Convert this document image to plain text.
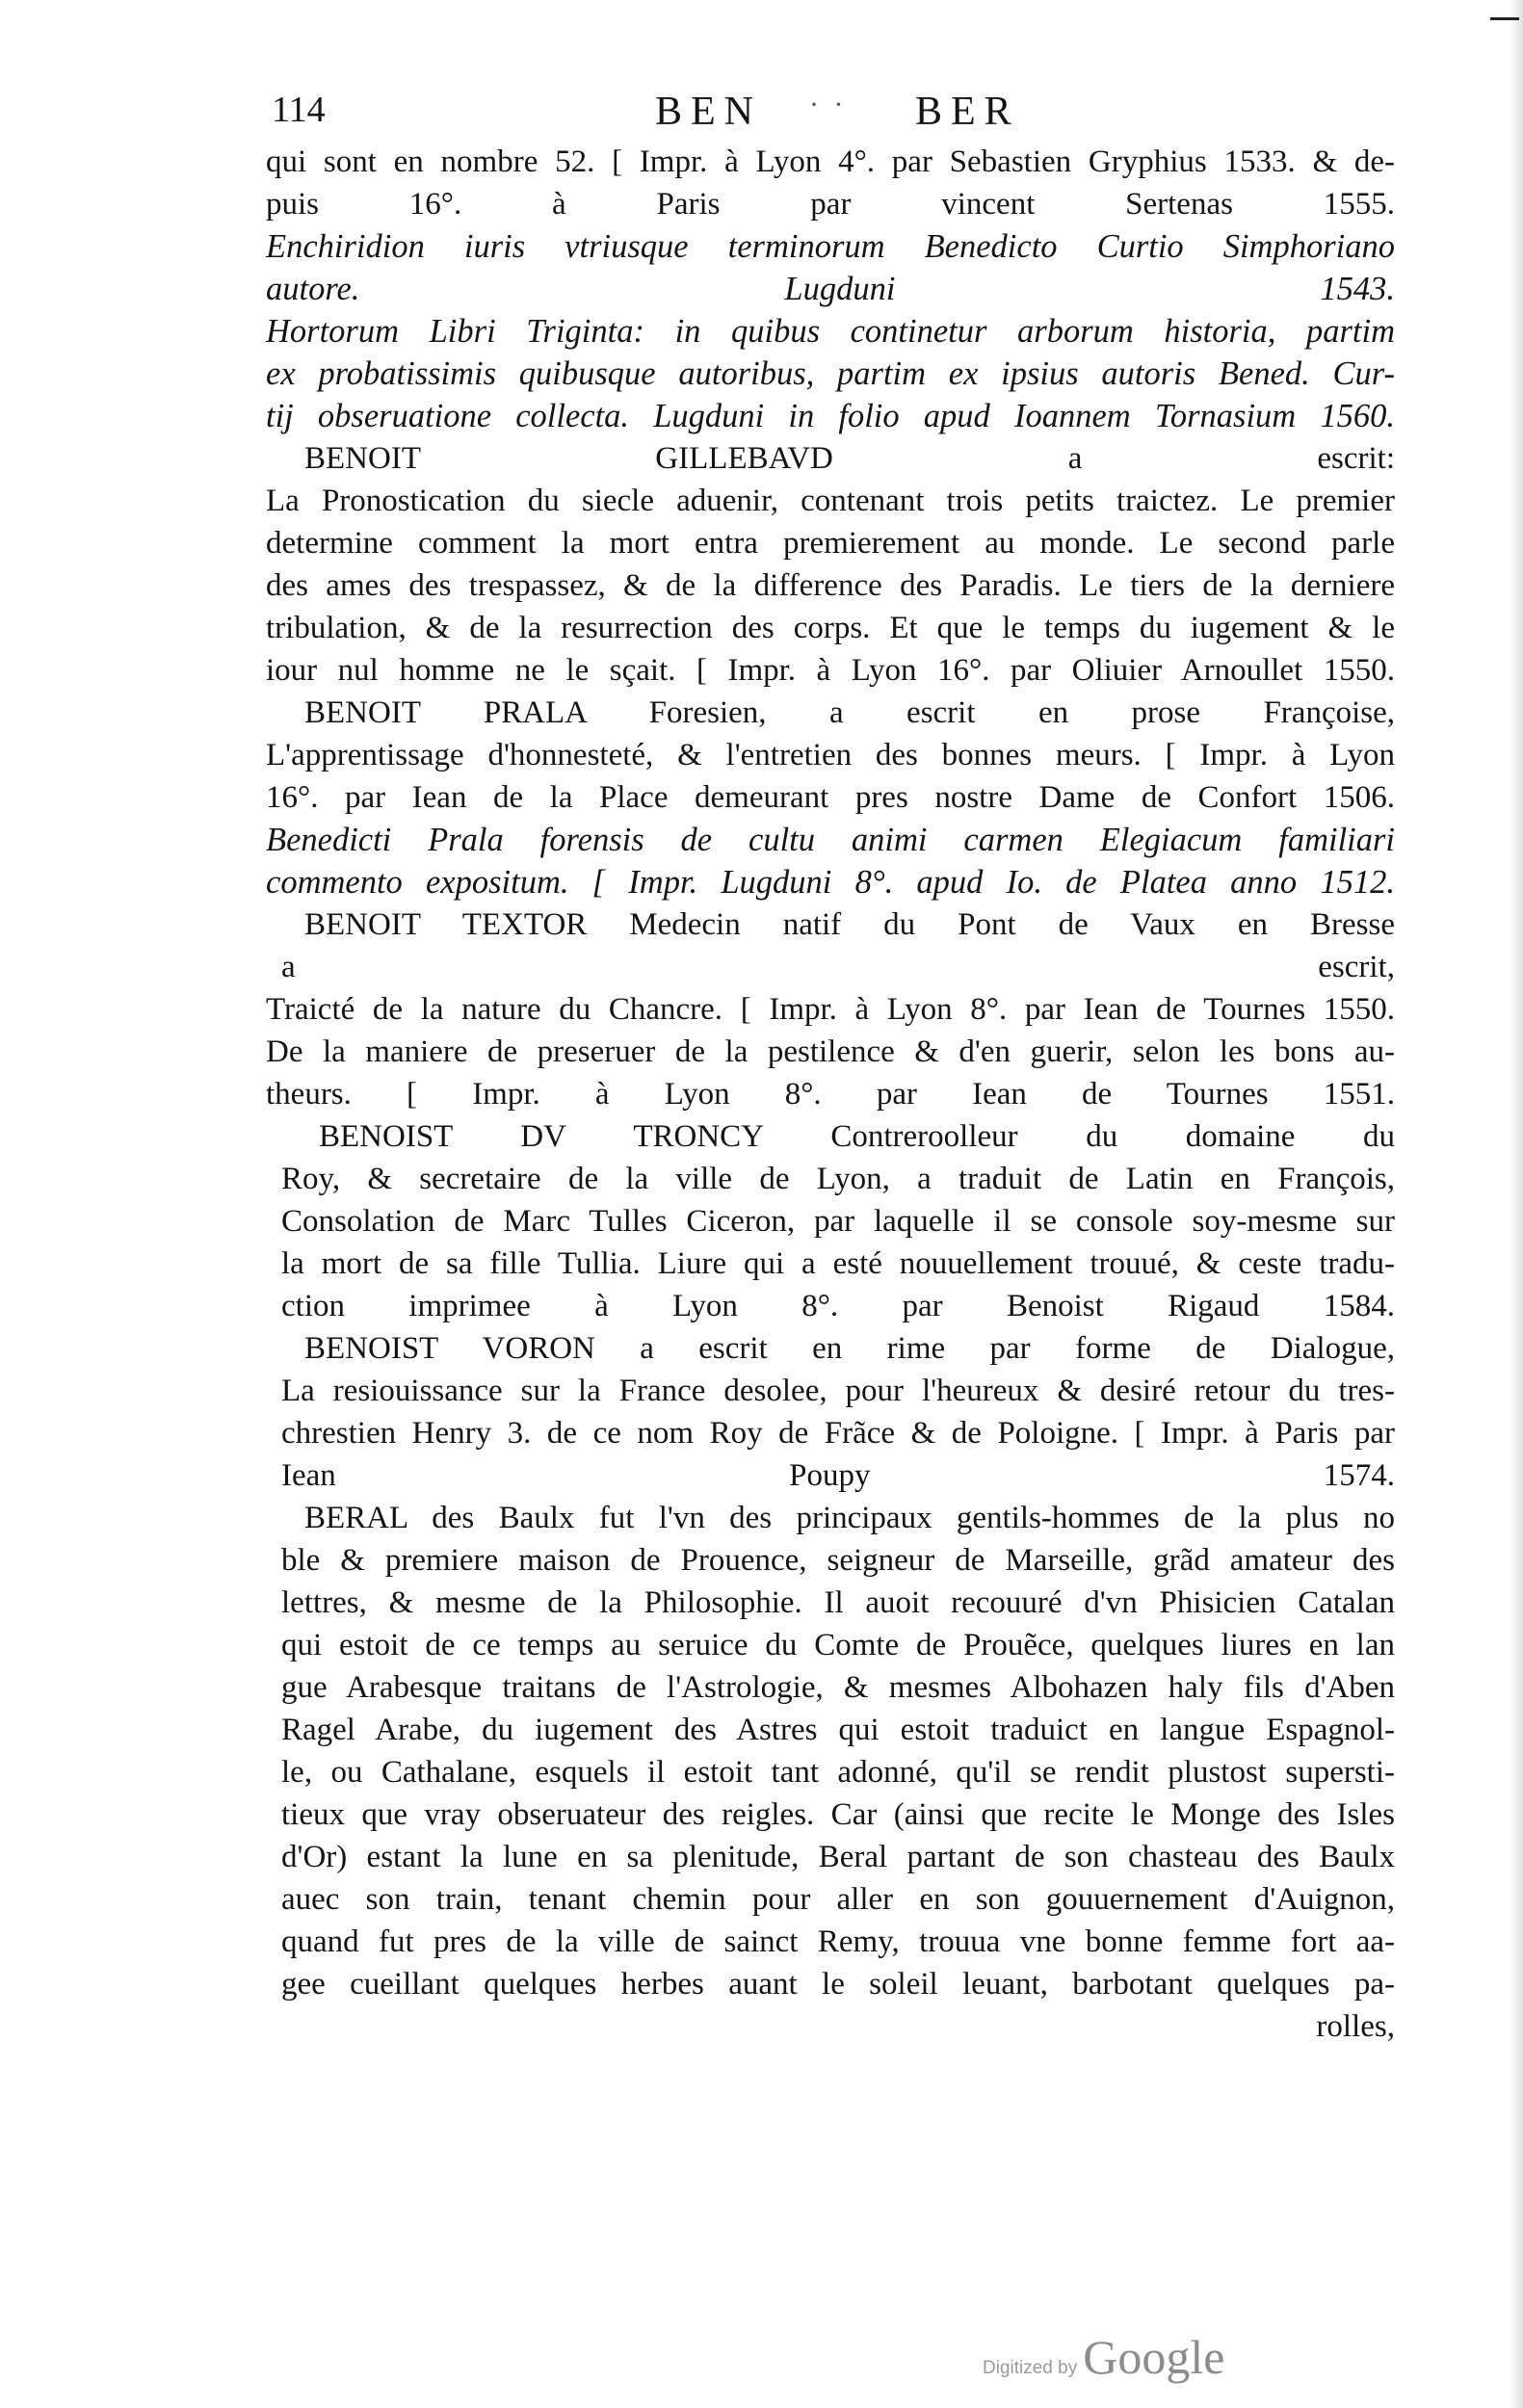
114	BEN · · BER
qui sont en nombre 52. [ Impr. à Lyon 4°. par Sebastien Gryphius 1533. & de-
puis 16°. à Paris par vincent Sertenas 1555.
Enchiridion iuris vtriusque terminorum Benedicto Curtio Simphoriano
autore. Lugduni 1543.
Hortorum Libri Triginta: in quibus continetur arborum historia, partim
ex probatissimis quibusque autoribus, partim ex ipsius autoris Bened. Cur-
tij obseruatione collecta. Lugduni in folio apud Ioannem Tornasium 1560.
BENOIT GILLEBAVD a escrit:
La Pronostication du siecle aduenir, contenant trois petits traictez. Le premier
determine comment la mort entra premierement au monde. Le second parle
des ames des trespassez, & de la difference des Paradis. Le tiers de la derniere
tribulation, & de la resurrection des corps. Et que le temps du iugement & le
iour nul homme ne le sçait. [ Impr. à Lyon 16°. par Oliuier Arnoullet 1550.
BENOIT PRALA Foresien, a escrit en prose Françoise,
L'apprentissage d'honnesteté, & l'entretien des bonnes meurs. [ Impr. à Lyon
16°. par Iean de la Place demeurant pres nostre Dame de Confort 1506.
Benedicti Prala forensis de cultu animi carmen Elegiacum familiari
commento expositum. [ Impr. Lugduni 8°. apud Io. de Platea anno 1512.
BENOIT TEXTOR Medecin natif du Pont de Vaux en Bresse
a escrit,
Traicté de la nature du Chancre. [ Impr. à Lyon 8°. par Iean de Tournes 1550.
De la maniere de preseruer de la pestilence & d'en guerir, selon les bons au-
theurs. [ Impr. à Lyon 8°. par Iean de Tournes 1551.
BENOIST DV TRONCY Contreroolleur du domaine du
Roy, & secretaire de la ville de Lyon, a traduit de Latin en François,
Consolation de Marc Tulles Ciceron, par laquelle il se console soy-mesme sur
la mort de sa fille Tullia. Liure qui a esté nouuellement trouué, & ceste tradu-
ction imprimee à Lyon 8°. par Benoist Rigaud 1584.
BENOIST VORON a escrit en rime par forme de Dialogue,
La resiouissance sur la France desolee, pour l'heureux & desiré retour du tres-
chrestien Henry 3. de ce nom Roy de Frãce & de Poloigne. [ Impr. à Paris par
Iean Poupy 1574.
BERAL des Baulx fut l'vn des principaux gentils-hommes de la plus no
ble & premiere maison de Prouence, seigneur de Marseille, grãd amateur des
lettres, & mesme de la Philosophie. Il auoit recouuré d'vn Phisicien Catalan
qui estoit de ce temps au seruice du Comte de Prouẽce, quelques liures en lan
gue Arabesque traitans de l'Astrologie, & mesmes Albohazen haly fils d'Aben
Ragel Arabe, du iugement des Astres qui estoit traduict en langue Espagnol-
le, ou Cathalane, esquels il estoit tant adonné, qu'il se rendit plustost supersti-
tieux que vray obseruateur des reigles. Car (ainsi que recite le Monge des Isles
d'Or) estant la lune en sa plenitude, Beral partant de son chasteau des Baulx
auec son train, tenant chemin pour aller en son gouuernement d'Auignon,
quand fut pres de la ville de sainct Remy, trouua vne bonne femme fort aa-
gee cueillant quelques herbes auant le soleil leuant, barbotant quelques pa-
rolles,
Digitized by Google
